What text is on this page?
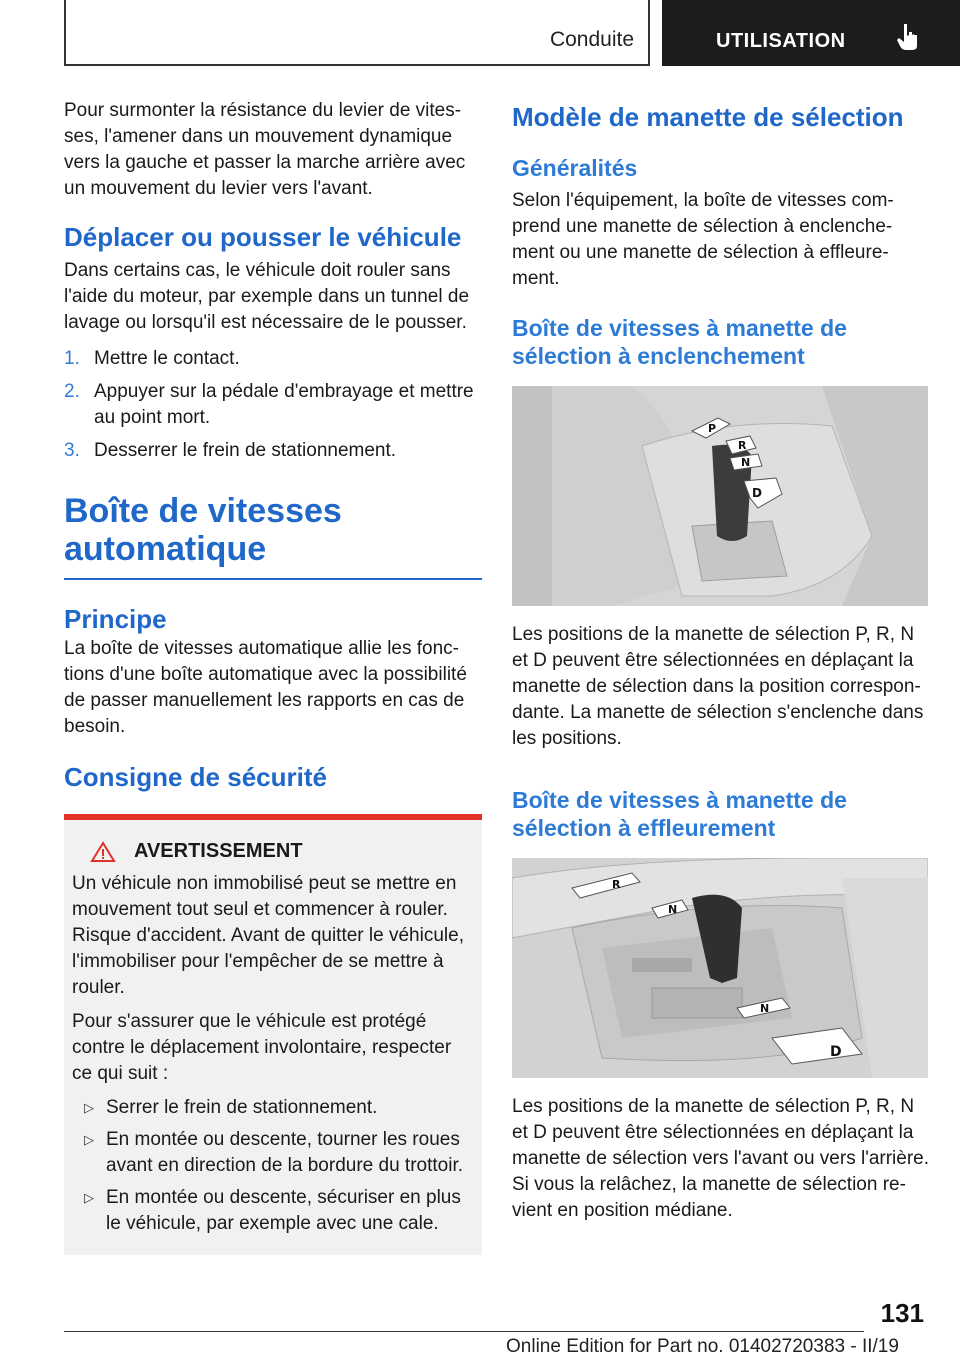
Conduite	UTILISATION

Pour surmonter la résistance du levier de vites-ses, l'amener dans un mouvement dynamique vers la gauche et passer la marche arrière avec un mouvement du levier vers l'avant.

Déplacer ou pousser le véhicule

Dans certains cas, le véhicule doit rouler sans l'aide du moteur, par exemple dans un tunnel de lavage ou lorsqu'il est nécessaire de le pousser.

1. Mettre le contact.
2. Appuyer sur la pédale d'embrayage et mettre au point mort.
3. Desserrer le frein de stationnement.
Boîte de vitesses automatique
Principe

La boîte de vitesses automatique allie les fonc-tions d'une boîte automatique avec la possibilité de passer manuellement les rapports en cas de besoin.

Consigne de sécurité
AVERTISSEMENT

Un véhicule non immobilisé peut se mettre en mouvement tout seul et commencer à rouler. Risque d'accident. Avant de quitter le véhicule, l'immobiliser pour l'empêcher de se mettre à rouler.

Pour s'assurer que le véhicule est protégé contre le déplacement involontaire, respecter ce qui suit :

▷ Serrer le frein de stationnement.
▷ En montée ou descente, tourner les roues avant en direction de la bordure du trottoir.
▷ En montée ou descente, sécuriser en plus le véhicule, par exemple avec une cale.
Modèle de manette de sélection
Généralités

Selon l'équipement, la boîte de vitesses com-prend une manette de sélection à enclenche-ment ou une manette de sélection à effleure-ment.

Boîte de vitesses à manette de sélection à enclenchement
P
R
N
D

Les positions de la manette de sélection P, R, N et D peuvent être sélectionnées en déplaçant la manette de sélection dans la position correspon-dante. La manette de sélection s'enclenche dans les positions.

Boîte de vitesses à manette de sélection à effleurement
R
N
N
D

Les positions de la manette de sélection P, R, N et D peuvent être sélectionnées en déplaçant la manette de sélection vers l'avant ou vers l'arrière. Si vous la relâchez, la manette de sélection re-vient en position médiane.

131
Online Edition for Part no. 01402720383 - II/19
